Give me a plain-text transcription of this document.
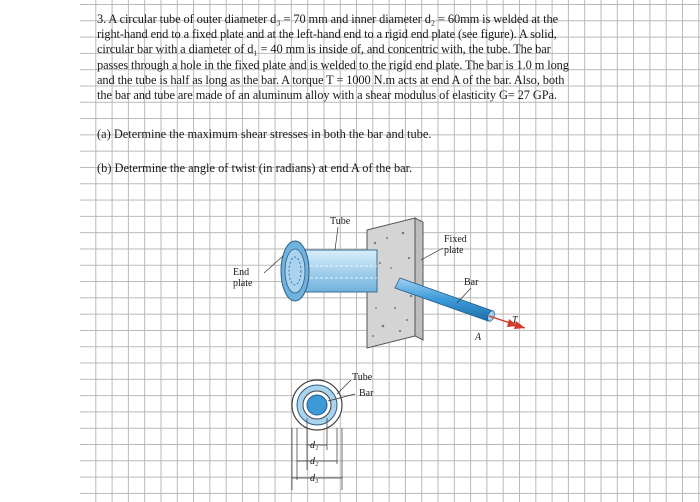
3. A circular tube of outer diameter d₃ = 70 mm and inner diameter d₂ = 60mm is welded at the

right-hand end to a fixed plate and at the left-hand end to a rigid end plate (see figure). A solid,

circular bar with a diameter of d₁ = 40 mm is inside of, and concentric with, the tube. The bar

passes through a hole in the fixed plate and is welded to the rigid end plate. The bar is 1.0 m long

and the tube is half as long as the bar. A torque T = 1000 N.m acts at end A of the bar. Also, both

the bar and tube are made of an aluminum alloy with a shear modulus of elasticity G= 27 GPa.

(a) Determine the maximum shear stresses in both the bar and tube.
(b) Determine the angle of twist (in radians) at end A of the bar.
Tube
Fixed
plate
End
plate	Bar
T
A
Tube
Bar
d₁
d₂
d₃
